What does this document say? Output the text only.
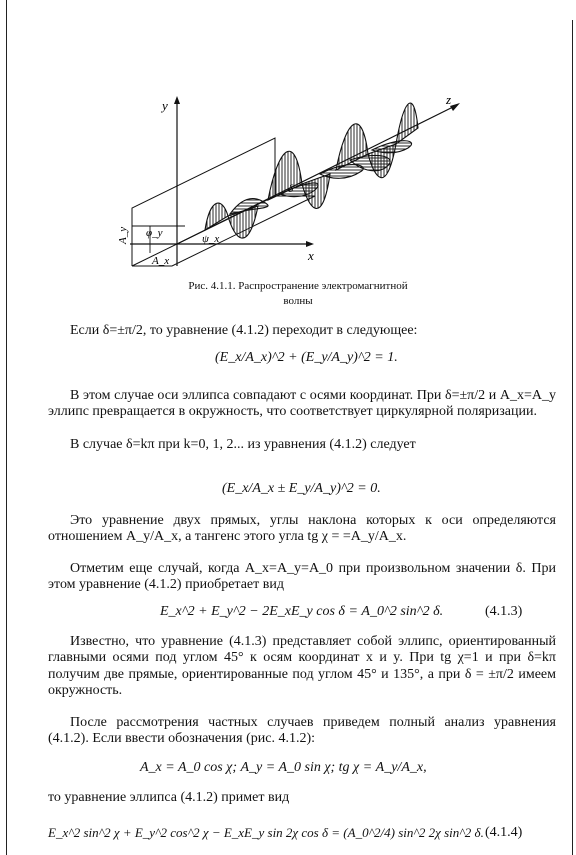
y	z
x
A_y
A_x
φ_y	ψ_x
δ
Рис. 4.1.1. Распространение электромагнитной
волны
Если δ=±π/2, то уравнение (4.1.2) переходит в следующее:
(E_x/A_x)^2 + (E_y/A_y)^2 = 1.
В этом случае оси эллипса совпадают с осями координат. При δ=±π/2 и A_x=A_y эллипс превращается в окружность, что соответствует циркулярной поляризации.
В случае δ=kπ при k=0, 1, 2... из уравнения (4.1.2) следует
(E_x/A_x ± E_y/A_y)^2 = 0.
Это уравнение двух прямых, углы наклона которых к оси определяются отношением A_y/A_x, а тангенс этого угла tg χ = =A_y/A_x.
Отметим еще случай, когда A_x=A_y=A_0 при произвольном значении δ. При этом уравнение (4.1.2) приобретает вид
E_x^2 + E_y^2 − 2E_xE_y cos δ = A_0^2 sin^2 δ.	(4.1.3)
Известно, что уравнение (4.1.3) представляет собой эллипс, ориентированный главными осями под углом 45° к осям координат x и y. При tg χ=1 и при δ=kπ получим две прямые, ориентированные под углом 45° и 135°, а при δ = ±π/2 имеем окружность.
После рассмотрения частных случаев приведем полный анализ уравнения (4.1.2). Если ввести обозначения (рис. 4.1.2):
A_x = A_0 cos χ; A_y = A_0 sin χ; tg χ = A_y/A_x,
то уравнение эллипса (4.1.2) примет вид
E_x^2 sin^2 χ + E_y^2 cos^2 χ − E_xE_y sin 2χ cos δ = (A_0^2/4) sin^2 2χ sin^2 δ. (4.1.4)
